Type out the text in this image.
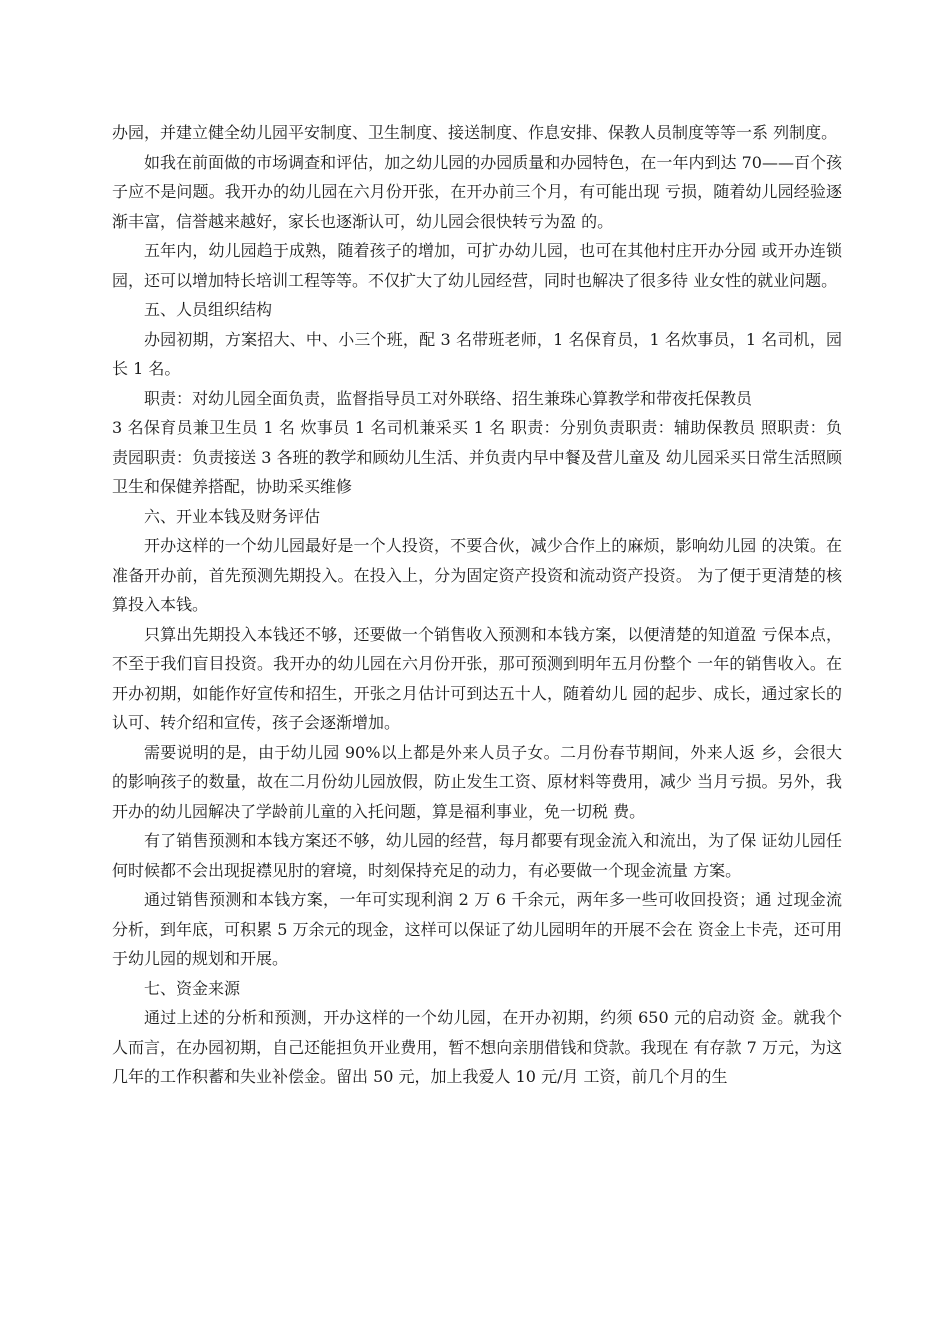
办园，并建立健全幼儿园平安制度、卫生制度、接送制度、作息安排、保教人员制度等等一系 列制度。

如我在前面做的市场调查和评估，加之幼儿园的办园质量和办园特色，在一年内到达 70——百个孩子应不是问题。我开办的幼儿园在六月份开张，在开办前三个月，有可能出现 亏损，随着幼儿园经验逐渐丰富，信誉越来越好，家长也逐渐认可，幼儿园会很快转亏为盈 的。

五年内，幼儿园趋于成熟，随着孩子的增加，可扩办幼儿园，也可在其他村庄开办分园 或开办连锁园，还可以增加特长培训工程等等。不仅扩大了幼儿园经营，同时也解决了很多待 业女性的就业问题。

五、人员组织结构

办园初期，方案招大、中、小三个班，配 3 名带班老师，1 名保育员，1 名炊事员，1 名司机，园长 1 名。

职责：对幼儿园全面负责，监督指导员工对外联络、招生兼珠心算教学和带夜托保教员

3 名保育员兼卫生员 1 名 炊事员 1 名司机兼采买 1 名 职责：分别负责职责：辅助保教员 照职责：负责园职责：负责接送 3 各班的教学和顾幼儿生活、并负责内早中餐及营儿童及 幼儿园采买日常生活照顾卫生和保健养搭配，协助采买维修

六、开业本钱及财务评估

开办这样的一个幼儿园最好是一个人投资，不要合伙，减少合作上的麻烦，影响幼儿园 的决策。在准备开办前，首先预测先期投入。在投入上，分为固定资产投资和流动资产投资。 为了便于更清楚的核算投入本钱。

只算出先期投入本钱还不够，还要做一个销售收入预测和本钱方案，以便清楚的知道盈 亏保本点，不至于我们盲目投资。我开办的幼儿园在六月份开张，那可预测到明年五月份整个 一年的销售收入。在开办初期，如能作好宣传和招生，开张之月估计可到达五十人，随着幼儿 园的起步、成长，通过家长的认可、转介绍和宣传，孩子会逐渐增加。

需要说明的是，由于幼儿园 90%以上都是外来人员子女。二月份春节期间，外来人返 乡，会很大的影响孩子的数量，故在二月份幼儿园放假，防止发生工资、原材料等费用，减少 当月亏损。另外，我开办的幼儿园解决了学龄前儿童的入托问题，算是福利事业，免一切税 费。

有了销售预测和本钱方案还不够，幼儿园的经营，每月都要有现金流入和流出，为了保 证幼儿园任何时候都不会出现捉襟见肘的窘境，时刻保持充足的动力，有必要做一个现金流量 方案。

通过销售预测和本钱方案，一年可实现利润 2 万 6 千余元，两年多一些可收回投资；通 过现金流分析，到年底，可积累 5 万余元的现金，这样可以保证了幼儿园明年的开展不会在 资金上卡壳，还可用于幼儿园的规划和开展。

七、资金来源

通过上述的分析和预测，开办这样的一个幼儿园，在开办初期，约须 650 元的启动资 金。就我个人而言，在办园初期，自己还能担负开业费用，暂不想向亲朋借钱和贷款。我现在 有存款 7 万元，为这几年的工作积蓄和失业补偿金。留出 50 元，加上我爱人 10 元/月 工资，前几个月的生
